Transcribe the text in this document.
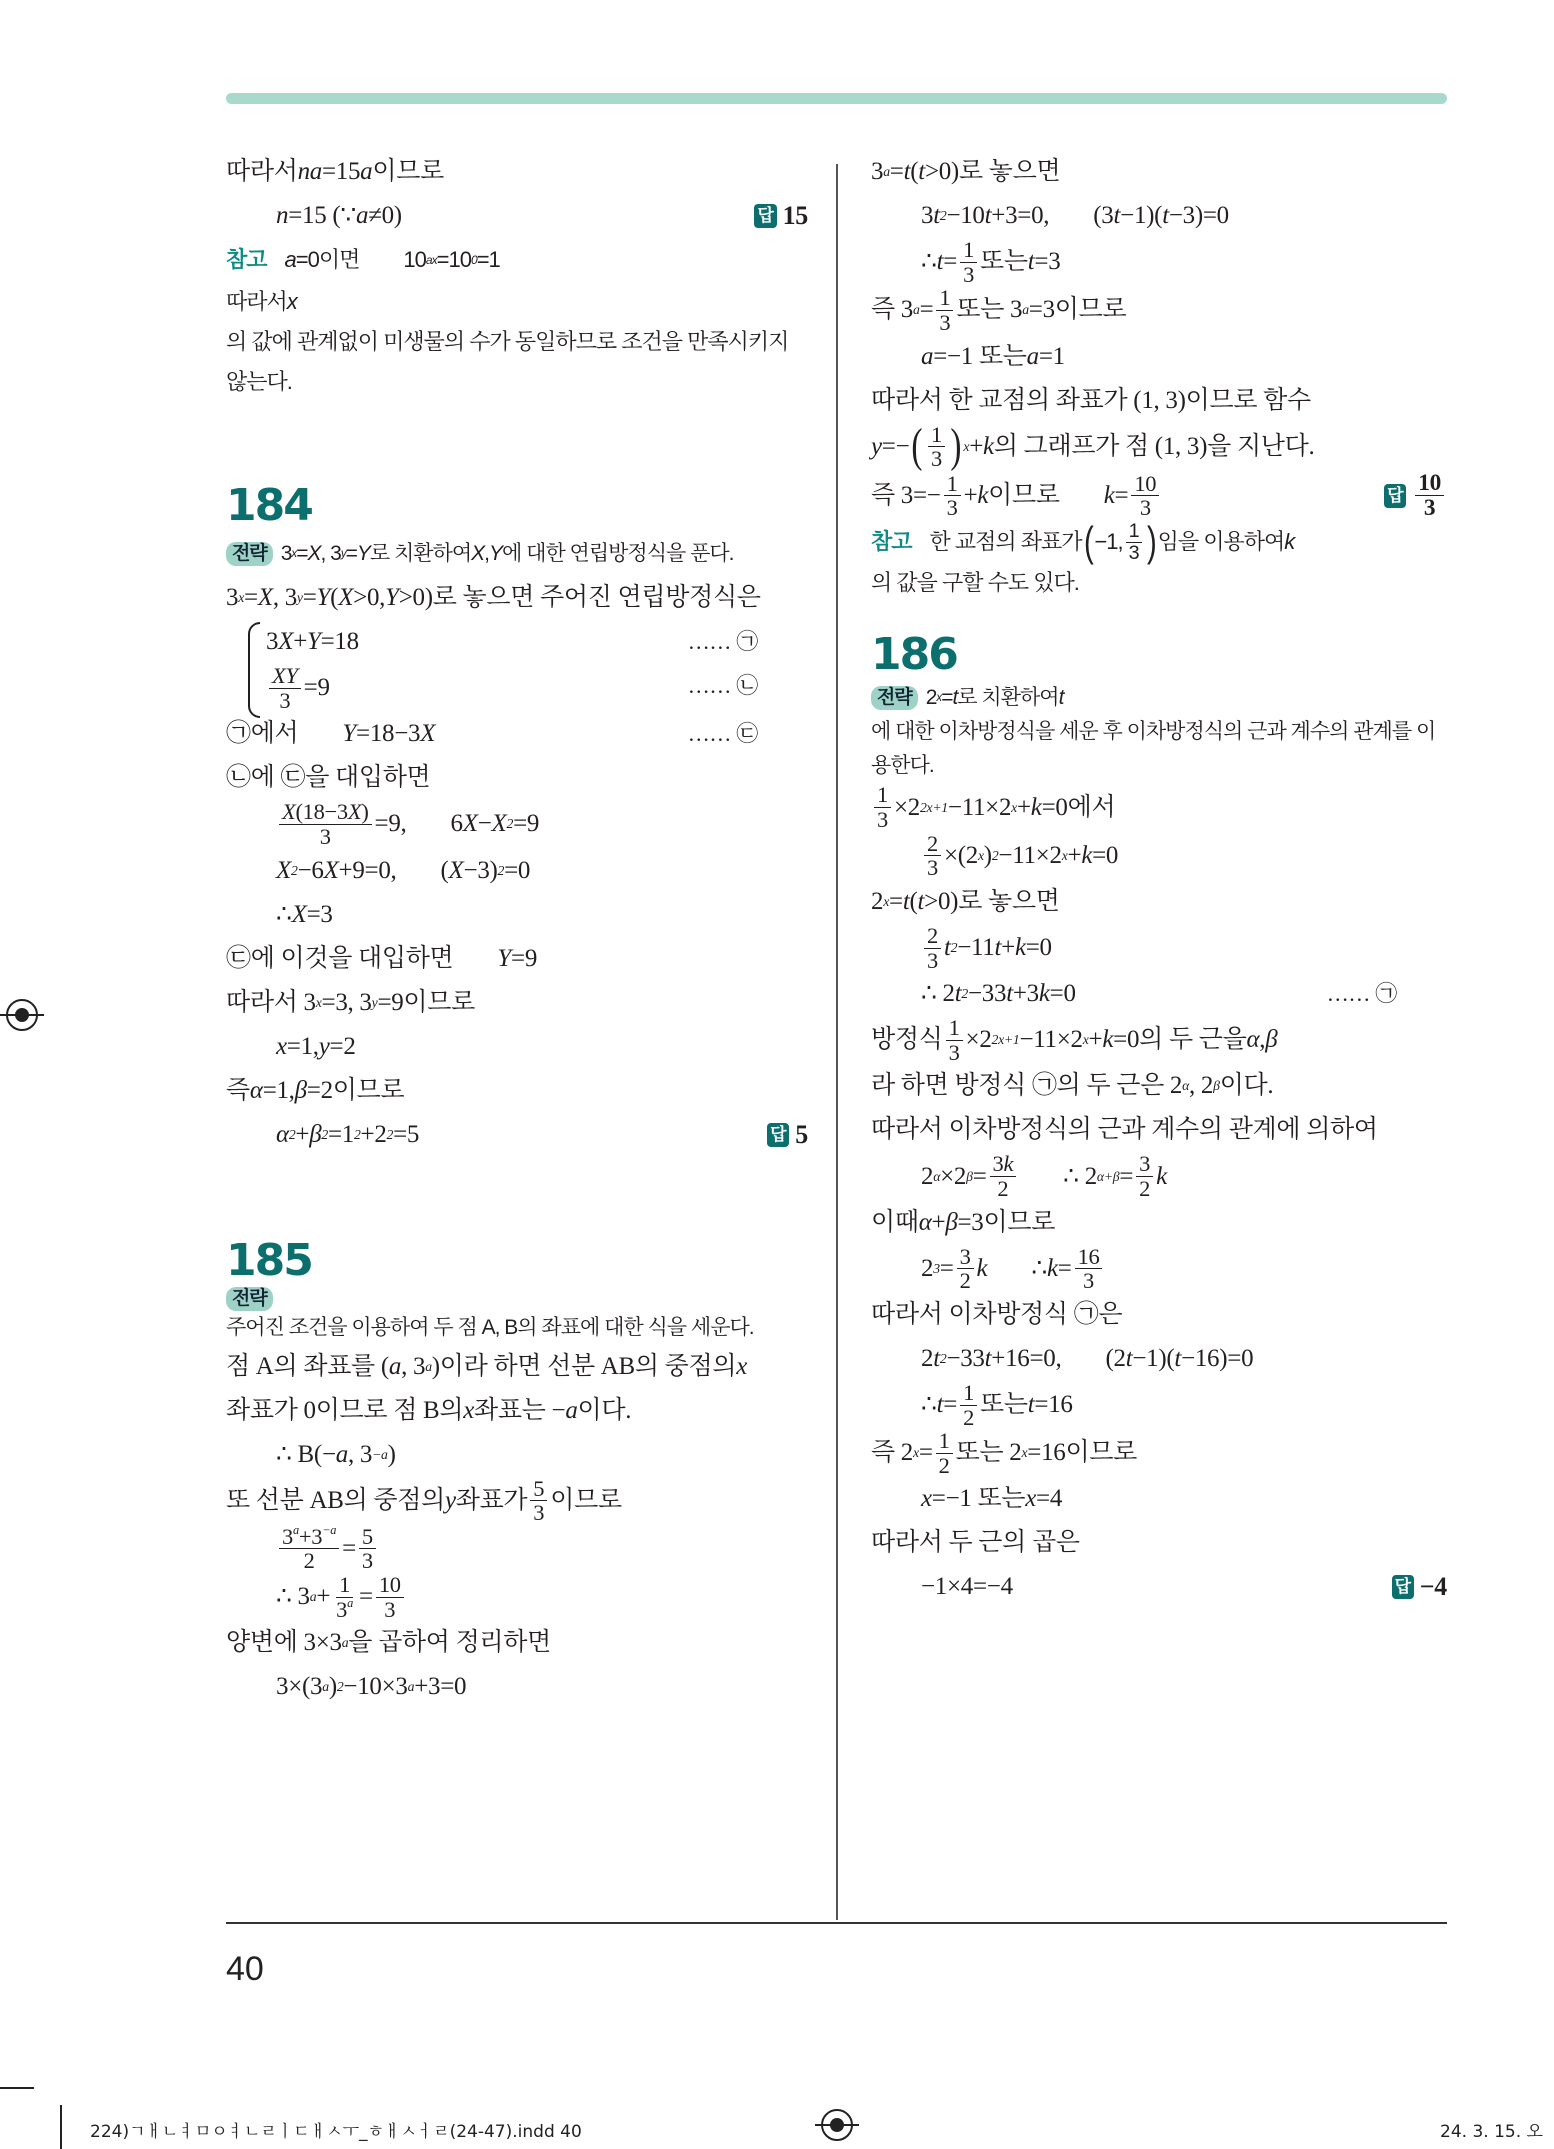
따라서 na =15 a 이므로
n =15 (∵ a ≠0)	답 15
참고 a =0이면 10 ax =10 0 =1
따라서 x
의 값에 관계없이 미생물의 수가 동일하므로 조건을 만족시키지 않는다.
184
전략 3 x = X , 3 y = Y 로 치환하여 X , Y 에 대한 연립방정식을 푼다.
3 x = X , 3 y = Y ( X >0, Y >0)로 놓으면 주어진 연립방정식은
3 X + Y =18	…… ㉠
$\frac{XY}{3} =9$	…… ㉡
㉠에서 Y =18−3 X	…… ㉢
㉡에 ㉢을 대입하면
$\frac{X(18-3X)}{3} =9$, 6 X − X 2 =9
X 2 −6 X +9=0, ( X −3) 2 =0
∴ X =3
㉢에 이것을 대입하면 Y =9
따라서 3 x =3, 3 y =9이므로
x =1, y =2
즉 α =1, β =2이므로
α 2 + β 2 =1 2 +2 2 =5	답 5
185
전략
주어진 조건을 이용하여 두 점 A, B의 좌표에 대한 식을 세운다.
점 A의 좌표를 ( a , 3 a )이라 하면 선분 AB의 중점의 x
좌표가 0이므로 점 B의 x 좌표는 − a 이다.
∴ B(− a , 3 −a )
또 선분 AB의 중점의 y 좌표가 $\frac{5}{3}$ 이므로
$\frac{3^a+3^{-a}}{2} = \frac{5}{3}$
∴ 3 $a + \frac{1}{3^a} = \frac{10}{3}$
양변에 3×3 a 을 곱하여 정리하면
3×(3 a ) 2 −10×3 a +3=0
3 a = t ( t >0)로 놓으면
3 t 2 −10 t +3=0, (3 t −1)( t −3)=0
∴ $t = \frac{1}{3}$ 또는 t =3
즉 3 $a = \frac{1}{3}$ 또는 3 a =3이므로
a =−1 또는 a =1
따라서 한 교점의 좌표가 (1, 3)이므로 함수
y =− ( $\frac{1}{3}$ ) x + k 의 그래프가 점 (1, 3)을 지난다.
즉 $3=- \frac{1}{3} + k$ 이므로 $k = \frac{10}{3}$	답 $\frac{10}{3}$
참고 한 교점의 좌표가 ( −1, $\frac{1}{3}$ ) 임을 이용하여 k
의 값을 구할 수도 있다.
186
전략 2 x = t 로 치환하여 t
에 대한 이차방정식을 세운 후 이차방정식의 근과 계수의 관계를 이용한다.
$\frac{1}{3} \times 2$ 2x+1 −11×2 x + k =0에서
$\frac{2}{3} \times(2$ x ) 2 −11×2 x + k =0
2 x = t ( t >0)로 놓으면
$\frac{2}{3}$ t 2 −11 t + k =0
∴ 2 t 2 −33 t +3 k =0	…… ㉠
방정식 $\frac{1}{3} \times 2$ 2x+1 −11×2 x + k =0의 두 근을 α , β
라 하면 방정식 ㉠의 두 근은 2 α , 2 β 이다.
따라서 이차방정식의 근과 계수의 관계에 의하여
2 α ×2 $\beta = \frac{3k}{2}$ ∴ 2 $\alpha+\beta = \frac{3}{2}$ k
이때 α + β =3이므로
2 $3 = \frac{3}{2}$ k ∴ $k = \frac{16}{3}$
따라서 이차방정식 ㉠은
2 t 2 −33 t +16=0, (2 t −1)( t −16)=0
∴ $t = \frac{1}{2}$ 또는 t =16
즉 2 $x = \frac{1}{2}$ 또는 2 x =16이므로
x =−1 또는 x =4
따라서 두 근의 곱은
−1×4=−4	답 −4
40
224)ㄱㅐㄴㅕㅁㅇㅕㄴㄹㅣㄷㅐㅅㅜ_ㅎㅐㅅㅓㄹ(24-47).indd 40	24. 3. 15. 오
